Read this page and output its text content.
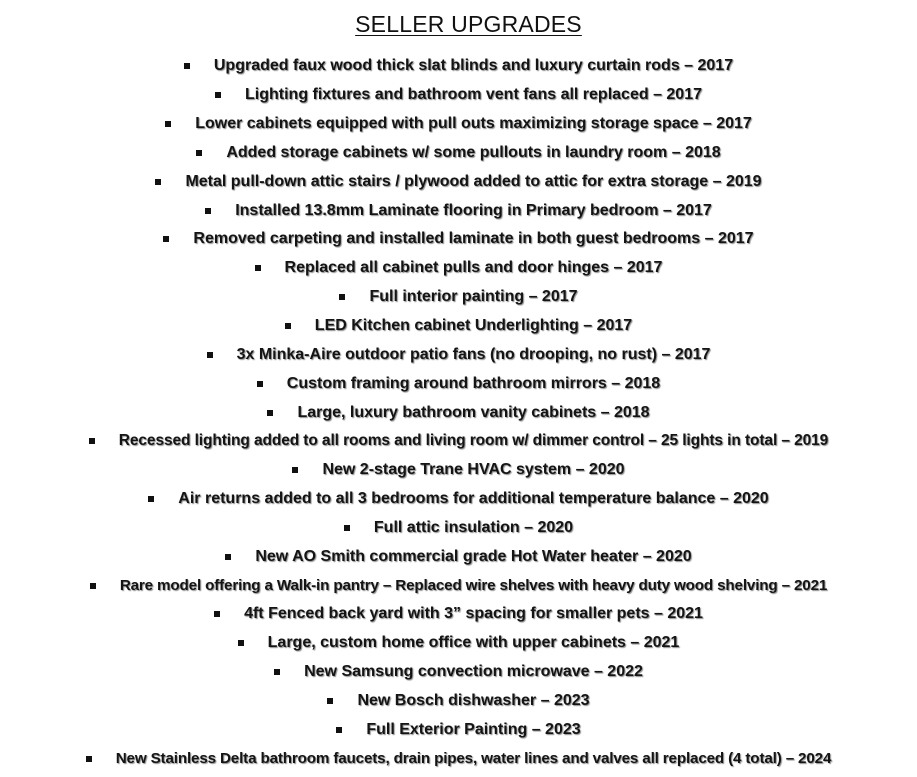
SELLER UPGRADES
Upgraded faux wood thick slat blinds and luxury curtain rods – 2017
Lighting fixtures and bathroom vent fans all replaced – 2017
Lower cabinets equipped with pull outs maximizing storage space – 2017
Added storage cabinets w/ some pullouts in laundry room – 2018
Metal pull-down attic stairs / plywood added to attic for extra storage – 2019
Installed 13.8mm Laminate flooring in Primary bedroom – 2017
Removed carpeting and installed laminate in both guest bedrooms – 2017
Replaced all cabinet pulls and door hinges – 2017
Full interior painting – 2017
LED Kitchen cabinet Underlighting – 2017
3x Minka-Aire outdoor patio fans (no drooping, no rust) – 2017
Custom framing around bathroom mirrors – 2018
Large, luxury bathroom vanity cabinets – 2018
Recessed lighting added to all rooms and living room w/ dimmer control – 25 lights in total – 2019
New 2-stage Trane HVAC system – 2020
Air returns added to all 3 bedrooms for additional temperature balance – 2020
Full attic insulation – 2020
New AO Smith commercial grade Hot Water heater – 2020
Rare model offering a Walk-in pantry – Replaced wire shelves with heavy duty wood shelving – 2021
4ft Fenced back yard with 3” spacing for smaller pets – 2021
Large, custom home office with upper cabinets – 2021
New Samsung convection microwave – 2022
New Bosch dishwasher – 2023
Full Exterior Painting – 2023
New Stainless Delta bathroom faucets, drain pipes, water lines and valves all replaced (4 total) – 2024
